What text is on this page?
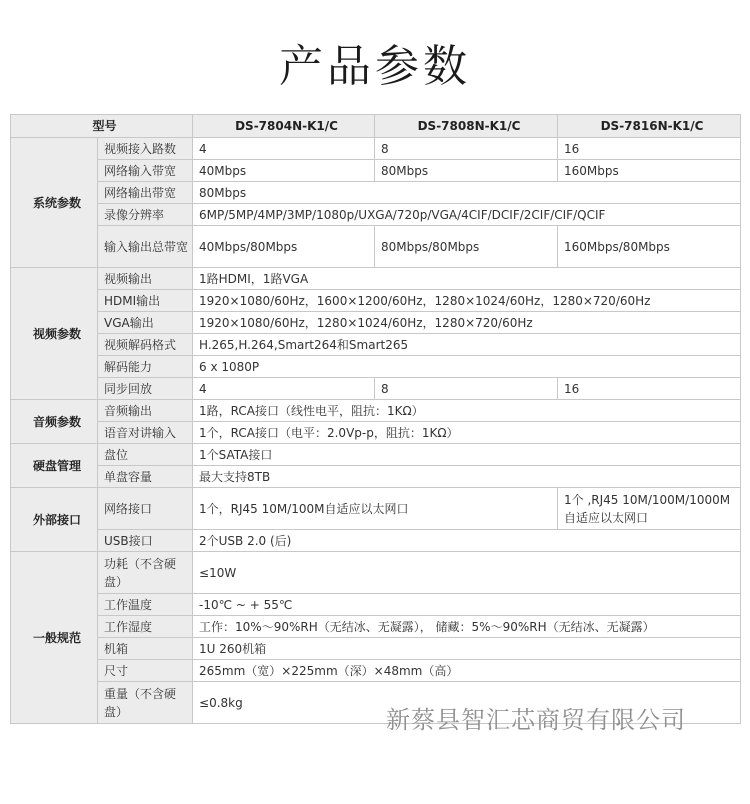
产品参数
型号		DS-7804N-K1/C	DS-7808N-K1/C	DS-7816N-K1/C
系统参数	视频接入路数	4	8	16
	网络输入带宽	40Mbps	80Mbps	160Mbps
	网络输出带宽	80Mbps		
	录像分辨率	6MP/5MP/4MP/3MP/1080p/UXGA/720p/VGA/4CIF/DCIF/2CIF/CIF/QCIF		
	输入输出总带宽	40Mbps/80Mbps	80Mbps/80Mbps	160Mbps/80Mbps
视频参数	视频输出	1路HDMI，1路VGA		
	HDMI输出	1920×1080/60Hz，1600×1200/60Hz，1280×1024/60Hz，1280×720/60Hz		
	VGA输出	1920×1080/60Hz，1280×1024/60Hz，1280×720/60Hz		
	视频解码格式	H.265,H.264,Smart264和Smart265		
	解码能力	6 x 1080P		
	同步回放	4	8	16
音频参数	音频输出	1路，RCA接口（线性电平，阻抗：1KΩ）		
	语音对讲输入	1个，RCA接口（电平：2.0Vp-p，阻抗：1KΩ）		
硬盘管理	盘位	1个SATA接口		
	单盘容量	最大支持8TB		
外部接口	网络接口	1个，RJ45 10M/100M自适应以太网口		1个 ,RJ45 10M/100M/1000M自适应以太网口
	USB接口	2个USB 2.0 (后)		
一般规范	功耗（不含硬盘）	≤10W		
	工作温度	-10℃ ~ + 55℃		
	工作湿度	工作：10%～90%RH（无结冰、无凝露）， 储藏：5%～90%RH（无结冰、无凝露）		
	机箱	1U 260机箱		
	尺寸	265mm（宽）×225mm（深）×48mm（高）		
	重量（不含硬盘）	≤0.8kg		
新蔡县智汇芯商贸有限公司
